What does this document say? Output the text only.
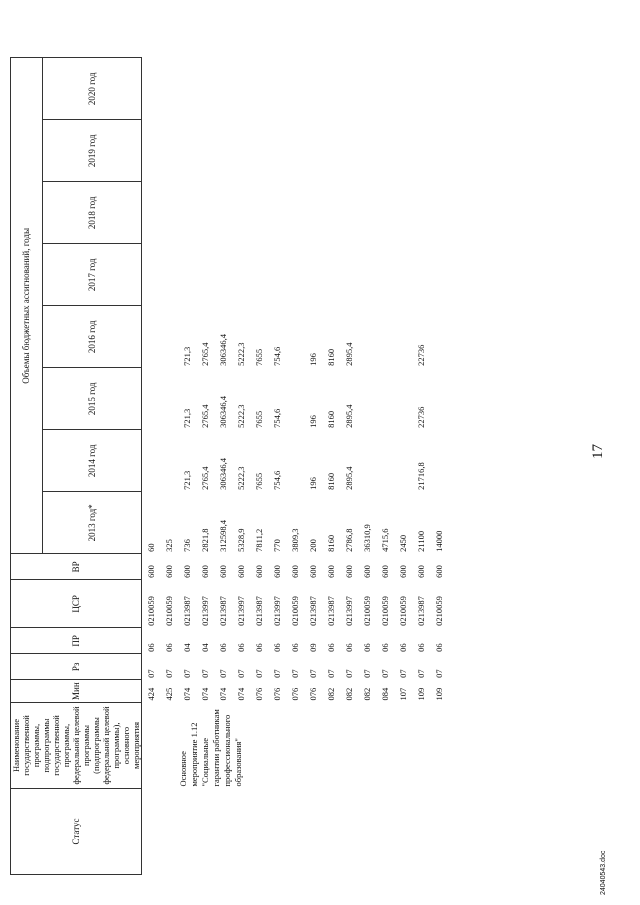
17
24040543.doc
Статус	Наименование государственной программы, подпрограммы государственной программы, федеральной целевой программы (подпрограммы федеральной целевой программы), основного мероприятия	Мин	Рз	ПР	ЦСР	ВР	Объемы бюджетных ассигнований, годы							
							2013 год*	2014 год	2015 год	2016 год	2017 год	2018 год	2019 год	2020 год
		424	07	06	0210059	600	60							
		425	07	06	0210059	600	325							
	Основное мероприятие 1.12 "Социальные гарантии работникам профессионального образования"	074	07	04	0213987	600	736	721,3	721,3	721,3				
		074	07	04	0213997	600	2821,8	2765,4	2765,4	2765,4				
		074	07	06	0213987	600	312598,4	306346,4	306346,4	306346,4				
		074	07	06	0213997	600	5328,9	5222,3	5222,3	5222,3				
		076	07	06	0213987	600	7811,2	7655	7655	7655				
		076	07	06	0213997	600	770	754,6	754,6	754,6				
		076	07	06	0210059	600	3809,3							
		076	07	09	0213987	600	200	196	196	196				
		082	07	06	0213987	600	8160	8160	8160	8160				
		082	07	06	0213997	600	2786,8	2895,4	2895,4	2895,4				
		082	07	06	0210059	600	36310,9							
		084	07	06	0210059	600	4715,6							
		107	07	06	0210059	600	2450							
		109	07	06	0213987	600	21100	21716,8	22736	22736				
		109	07	06	0210059	600	14000							
